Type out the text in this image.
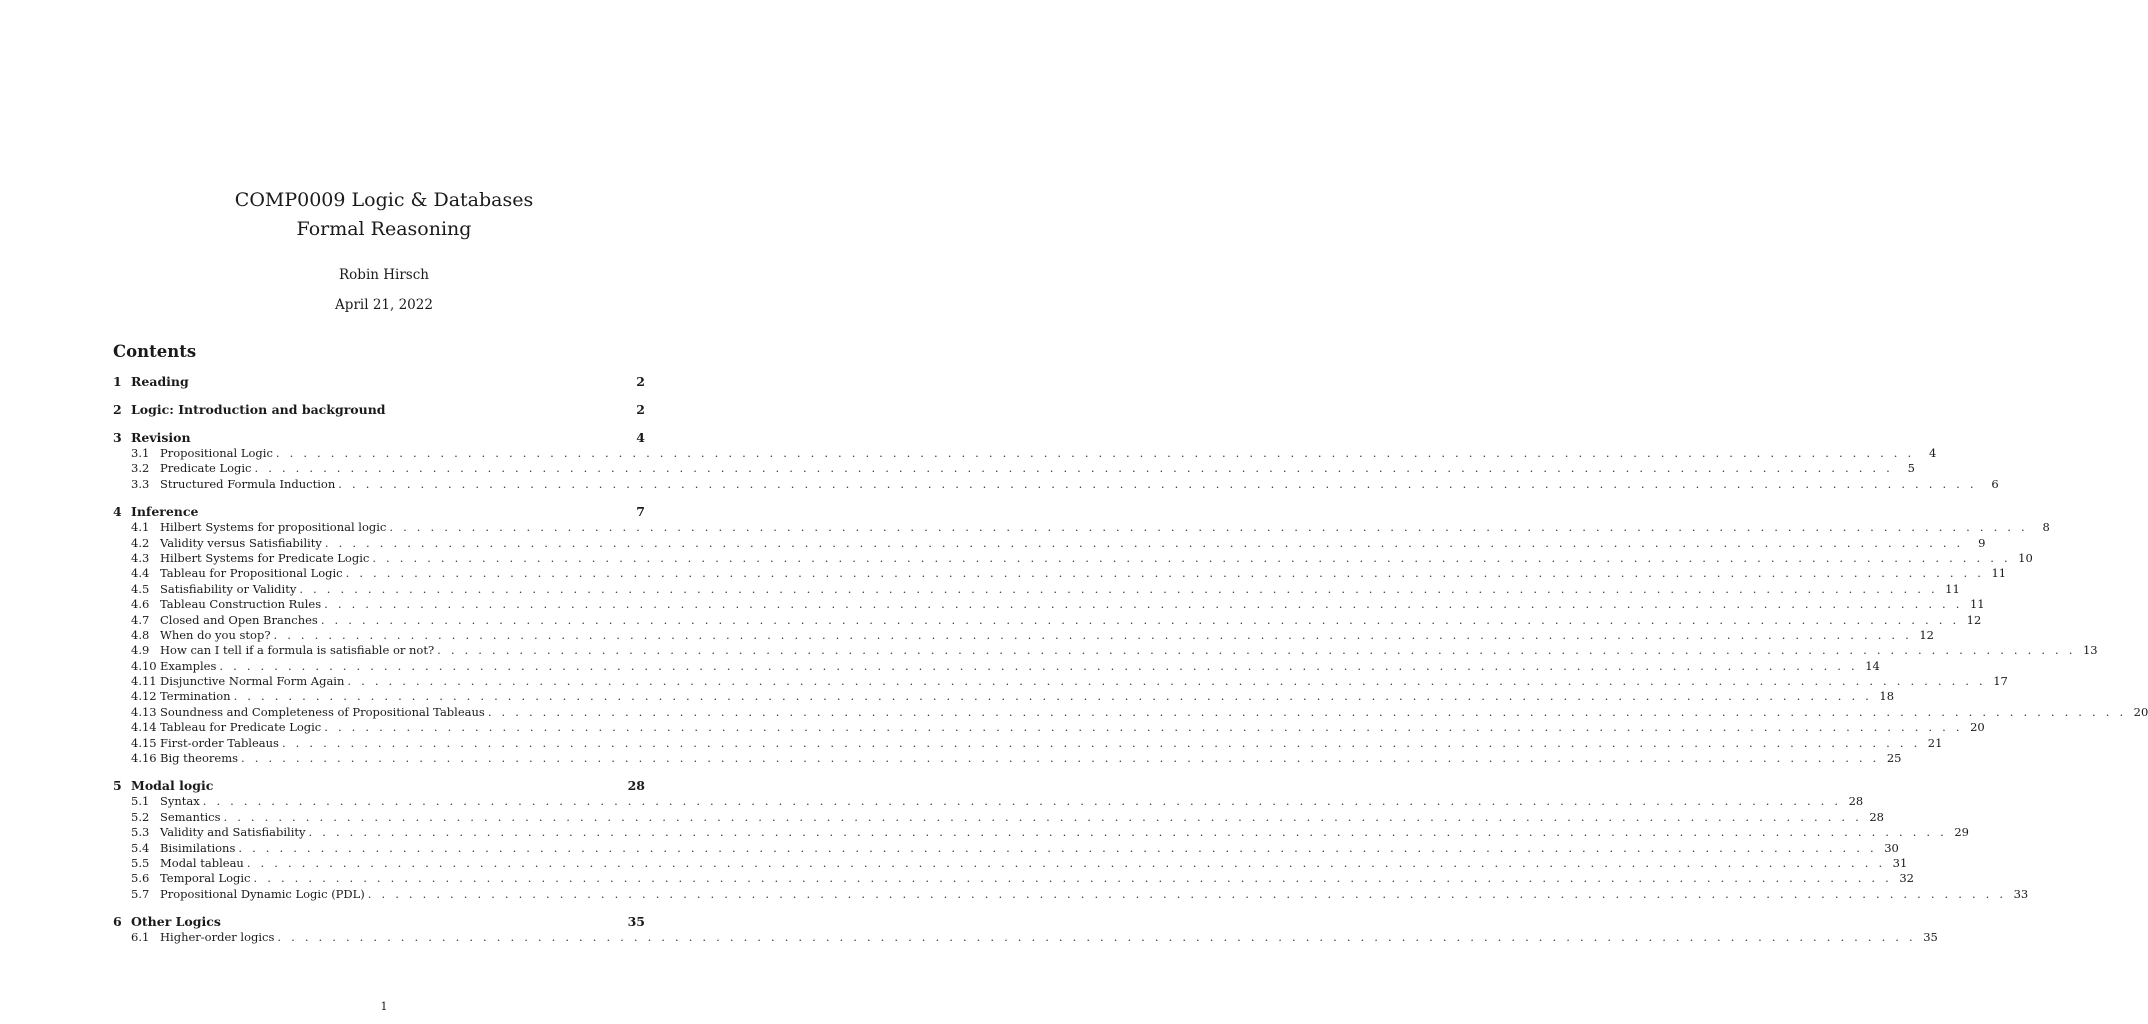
COMP0009 Logic & Databases

Formal Reasoning

Robin Hirsch
April 21, 2022
Contents
1 Reading	2
2 Logic: Introduction and background	2
3 Revision	4
3.1 Propositional Logic . . . . . . . . . . . . . . . . . . . . . . . . . . . . . . . . . . . . . . . . . . . . . . . . . . . . . . . . . . . . . . . . . . . . . . . . . . . . . . . . . . . . . . . . . . . . . . . . . . . . . . . . . . . . . . . . . . . . . . . .	4
3.2 Predicate Logic . . . . . . . . . . . . . . . . . . . . . . . . . . . . . . . . . . . . . . . . . . . . . . . . . . . . . . . . . . . . . . . . . . . . . . . . . . . . . . . . . . . . . . . . . . . . . . . . . . . . . . . . . . . . . . . . . . . . . . . .	5
3.3 Structured Formula Induction . . . . . . . . . . . . . . . . . . . . . . . . . . . . . . . . . . . . . . . . . . . . . . . . . . . . . . . . . . . . . . . . . . . . . . . . . . . . . . . . . . . . . . . . . . . . . . . . . . . . . . . . . . . . . . . . . . . . . . . .	6
4 Inference	7
4.1 Hilbert Systems for propositional logic . . . . . . . . . . . . . . . . . . . . . . . . . . . . . . . . . . . . . . . . . . . . . . . . . . . . . . . . . . . . . . . . . . . . . . . . . . . . . . . . . . . . . . . . . . . . . . . . . . . . . . . . . . . . . . . . . . . . . . . .	8
4.2 Validity versus Satisfiability . . . . . . . . . . . . . . . . . . . . . . . . . . . . . . . . . . . . . . . . . . . . . . . . . . . . . . . . . . . . . . . . . . . . . . . . . . . . . . . . . . . . . . . . . . . . . . . . . . . . . . . . . . . . . . . . . . . . . . . .	9
4.3 Hilbert Systems for Predicate Logic . . . . . . . . . . . . . . . . . . . . . . . . . . . . . . . . . . . . . . . . . . . . . . . . . . . . . . . . . . . . . . . . . . . . . . . . . . . . . . . . . . . . . . . . . . . . . . . . . . . . . . . . . . . . . . . . . . . . . . . . 10
4.4 Tableau for Propositional Logic . . . . . . . . . . . . . . . . . . . . . . . . . . . . . . . . . . . . . . . . . . . . . . . . . . . . . . . . . . . . . . . . . . . . . . . . . . . . . . . . . . . . . . . . . . . . . . . . . . . . . . . . . . . . . . . . . . . . . . . . 11
4.5 Satisfiability or Validity . . . . . . . . . . . . . . . . . . . . . . . . . . . . . . . . . . . . . . . . . . . . . . . . . . . . . . . . . . . . . . . . . . . . . . . . . . . . . . . . . . . . . . . . . . . . . . . . . . . . . . . . . . . . . . . . . . . . . . . . 11
4.6 Tableau Construction Rules . . . . . . . . . . . . . . . . . . . . . . . . . . . . . . . . . . . . . . . . . . . . . . . . . . . . . . . . . . . . . . . . . . . . . . . . . . . . . . . . . . . . . . . . . . . . . . . . . . . . . . . . . . . . . . . . . . . . . . . . 11
4.7 Closed and Open Branches . . . . . . . . . . . . . . . . . . . . . . . . . . . . . . . . . . . . . . . . . . . . . . . . . . . . . . . . . . . . . . . . . . . . . . . . . . . . . . . . . . . . . . . . . . . . . . . . . . . . . . . . . . . . . . . . . . . . . . . . 12
4.8 When do you stop? . . . . . . . . . . . . . . . . . . . . . . . . . . . . . . . . . . . . . . . . . . . . . . . . . . . . . . . . . . . . . . . . . . . . . . . . . . . . . . . . . . . . . . . . . . . . . . . . . . . . . . . . . . . . . . . . . . . . . . . . 12
4.9 How can I tell if a formula is satisfiable or not? . . . . . . . . . . . . . . . . . . . . . . . . . . . . . . . . . . . . . . . . . . . . . . . . . . . . . . . . . . . . . . . . . . . . . . . . . . . . . . . . . . . . . . . . . . . . . . . . . . . . . . . . . . . . . . . . . . . . . . . . 13
4.10 Examples . . . . . . . . . . . . . . . . . . . . . . . . . . . . . . . . . . . . . . . . . . . . . . . . . . . . . . . . . . . . . . . . . . . . . . . . . . . . . . . . . . . . . . . . . . . . . . . . . . . . . . . . . . . . . . . . . . . . . . . . 14
4.11 Disjunctive Normal Form Again . . . . . . . . . . . . . . . . . . . . . . . . . . . . . . . . . . . . . . . . . . . . . . . . . . . . . . . . . . . . . . . . . . . . . . . . . . . . . . . . . . . . . . . . . . . . . . . . . . . . . . . . . . . . . . . . . . . . . . . . 17
4.12 Termination . . . . . . . . . . . . . . . . . . . . . . . . . . . . . . . . . . . . . . . . . . . . . . . . . . . . . . . . . . . . . . . . . . . . . . . . . . . . . . . . . . . . . . . . . . . . . . . . . . . . . . . . . . . . . . . . . . . . . . . . 18
4.13 Soundness and Completeness of Propositional Tableaus . . . . . . . . . . . . . . . . . . . . . . . . . . . . . . . . . . . . . . . . . . . . . . . . . . . . . . . . . . . . . . . . . . . . . . . . . . . . . . . . . . . . . . . . . . . . . . . . . . . . . . . . . . . . . . . . . . . . . . . . 20
4.14 Tableau for Predicate Logic . . . . . . . . . . . . . . . . . . . . . . . . . . . . . . . . . . . . . . . . . . . . . . . . . . . . . . . . . . . . . . . . . . . . . . . . . . . . . . . . . . . . . . . . . . . . . . . . . . . . . . . . . . . . . . . . . . . . . . . . 20
4.15 First-order Tableaus . . . . . . . . . . . . . . . . . . . . . . . . . . . . . . . . . . . . . . . . . . . . . . . . . . . . . . . . . . . . . . . . . . . . . . . . . . . . . . . . . . . . . . . . . . . . . . . . . . . . . . . . . . . . . . . . . . . . . . . . 21
4.16 Big theorems . . . . . . . . . . . . . . . . . . . . . . . . . . . . . . . . . . . . . . . . . . . . . . . . . . . . . . . . . . . . . . . . . . . . . . . . . . . . . . . . . . . . . . . . . . . . . . . . . . . . . . . . . . . . . . . . . . . . . . . . 25
5 Modal logic	28
5.1 Syntax . . . . . . . . . . . . . . . . . . . . . . . . . . . . . . . . . . . . . . . . . . . . . . . . . . . . . . . . . . . . . . . . . . . . . . . . . . . . . . . . . . . . . . . . . . . . . . . . . . . . . . . . . . . . . . . . . . . . . . . . 28
5.2 Semantics . . . . . . . . . . . . . . . . . . . . . . . . . . . . . . . . . . . . . . . . . . . . . . . . . . . . . . . . . . . . . . . . . . . . . . . . . . . . . . . . . . . . . . . . . . . . . . . . . . . . . . . . . . . . . . . . . . . . . . . . 28
5.3 Validity and Satisfiability . . . . . . . . . . . . . . . . . . . . . . . . . . . . . . . . . . . . . . . . . . . . . . . . . . . . . . . . . . . . . . . . . . . . . . . . . . . . . . . . . . . . . . . . . . . . . . . . . . . . . . . . . . . . . . . . . . . . . . . . 29
5.4 Bisimilations . . . . . . . . . . . . . . . . . . . . . . . . . . . . . . . . . . . . . . . . . . . . . . . . . . . . . . . . . . . . . . . . . . . . . . . . . . . . . . . . . . . . . . . . . . . . . . . . . . . . . . . . . . . . . . . . . . . . . . . . 30
5.5 Modal tableau . . . . . . . . . . . . . . . . . . . . . . . . . . . . . . . . . . . . . . . . . . . . . . . . . . . . . . . . . . . . . . . . . . . . . . . . . . . . . . . . . . . . . . . . . . . . . . . . . . . . . . . . . . . . . . . . . . . . . . . . 31
5.6 Temporal Logic . . . . . . . . . . . . . . . . . . . . . . . . . . . . . . . . . . . . . . . . . . . . . . . . . . . . . . . . . . . . . . . . . . . . . . . . . . . . . . . . . . . . . . . . . . . . . . . . . . . . . . . . . . . . . . . . . . . . . . . . 32
5.7 Propositional Dynamic Logic (PDL) . . . . . . . . . . . . . . . . . . . . . . . . . . . . . . . . . . . . . . . . . . . . . . . . . . . . . . . . . . . . . . . . . . . . . . . . . . . . . . . . . . . . . . . . . . . . . . . . . . . . . . . . . . . . . . . . . . . . . . . . 33
6 Other Logics	35
6.1 Higher-order logics . . . . . . . . . . . . . . . . . . . . . . . . . . . . . . . . . . . . . . . . . . . . . . . . . . . . . . . . . . . . . . . . . . . . . . . . . . . . . . . . . . . . . . . . . . . . . . . . . . . . . . . . . . . . . . . . . . . . . . . . 35
1
